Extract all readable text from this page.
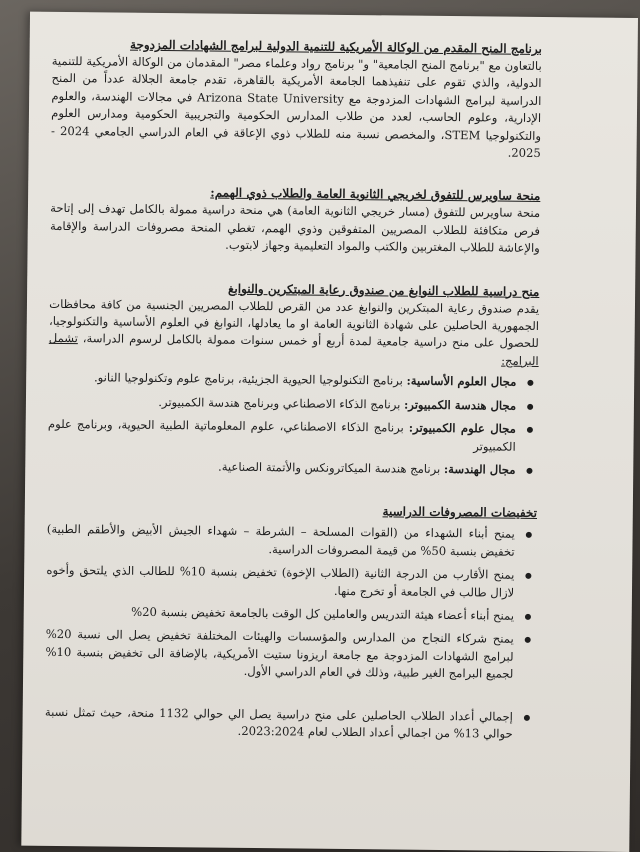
برنامج المنح المقدم من الوكالة الأمريكية للتنمية الدولية لبرامج الشهادات المزدوجة

بالتعاون مع "برنامج المنح الجامعية" و" برنامج رواد وعلماء مصر" المقدمان من الوكالة الأمريكية للتنمية الدولية، والذي تقوم على تنفيذهما الجامعة الأمريكية بالقاهرة، تقدم جامعة الجلالة عدداً من المنح الدراسية لبرامج الشهادات المزدوجة مع Arizona State University في مجالات الهندسة، والعلوم الإدارية، وعلوم الحاسب، لعدد من طلاب المدارس الحكومية والتجريبية الحكومية ومدارس العلوم والتكنولوجيا STEM، والمخصص نسبة منه للطلاب ذوي الإعاقة في العام الدراسي الجامعي 2024 - 2025.

منحة ساويرس للتفوق لخريجي الثانوية العامة والطلاب ذوي الهمم:

منحة ساويرس للتفوق (مسار خريجي الثانوية العامة) هي منحة دراسية ممولة بالكامل تهدف إلى إتاحة فرص متكافئة للطلاب المصريين المتفوقين وذوي الهمم، تغطي المنحة مصروفات الدراسة والإقامة والإعاشة للطلاب المغتربين والكتب والمواد التعليمية وجهاز لابتوب.

منح دراسية للطلاب النوابغ من صندوق رعاية المبتكرين والنوابغ

يقدم صندوق رعاية المبتكرين والنوابغ عدد من القرص للطلاب المصريين الجنسية من كافة محافظات الجمهورية الحاصلين على شهادة الثانوية العامة او ما يعادلها، النوابغ في العلوم الأساسية والتكنولوجيا، للحصول على منح دراسية جامعية لمدة أربع أو خمس سنوات ممولة بالكامل لرسوم الدراسة، تشمل البرامج:

مجال العلوم الأساسية: برنامج التكنولوجيا الحيوية الجزيئية، برنامج علوم وتكنولوجيا النانو.
مجال هندسة الكمبيوتر: برنامج الذكاء الاصطناعي وبرنامج هندسة الكمبيوتر.
مجال علوم الكمبيوتر: برنامج الذكاء الاصطناعي، علوم المعلوماتية الطبية الحيوية، وبرنامج علوم الكمبيوتر
مجال الهندسة: برنامج هندسة الميكاترونكس والأتمتة الصناعية.

تخفيضات المصروفات الدراسية

يمنح أبناء الشهداء من (القوات المسلحة – الشرطة – شهداء الجيش الأبيض والأطقم الطبية) تخفيض بنسبة 50% من قيمة المصروفات الدراسية.
يمنح الأقارب من الدرجة الثانية (الطلاب الإخوة) تخفيض بنسبة 10% للطالب الذي يلتحق وأخوه لازال طالب في الجامعة أو تخرج منها.
يمنح أبناء أعضاء هيئة التدريس والعاملين كل الوقت بالجامعة تخفيض بنسبة 20%
يمنح شركاء النجاح من المدارس والمؤسسات والهيئات المختلفة تخفيض يصل الى نسبة 20% لبرامج الشهادات المزدوجة مع جامعة اريزونا ستيت الأمريكية، بالإضافة الى تخفيض بنسبة 10% لجميع البرامج الغير طبية، وذلك في العام الدراسي الأول.
إجمالي أعداد الطلاب الحاصلين على منح دراسية يصل الي حوالي 1132 منحة، حيث تمثل نسبة حوالي 13% من اجمالي أعداد الطلاب لعام 2023:2024.
